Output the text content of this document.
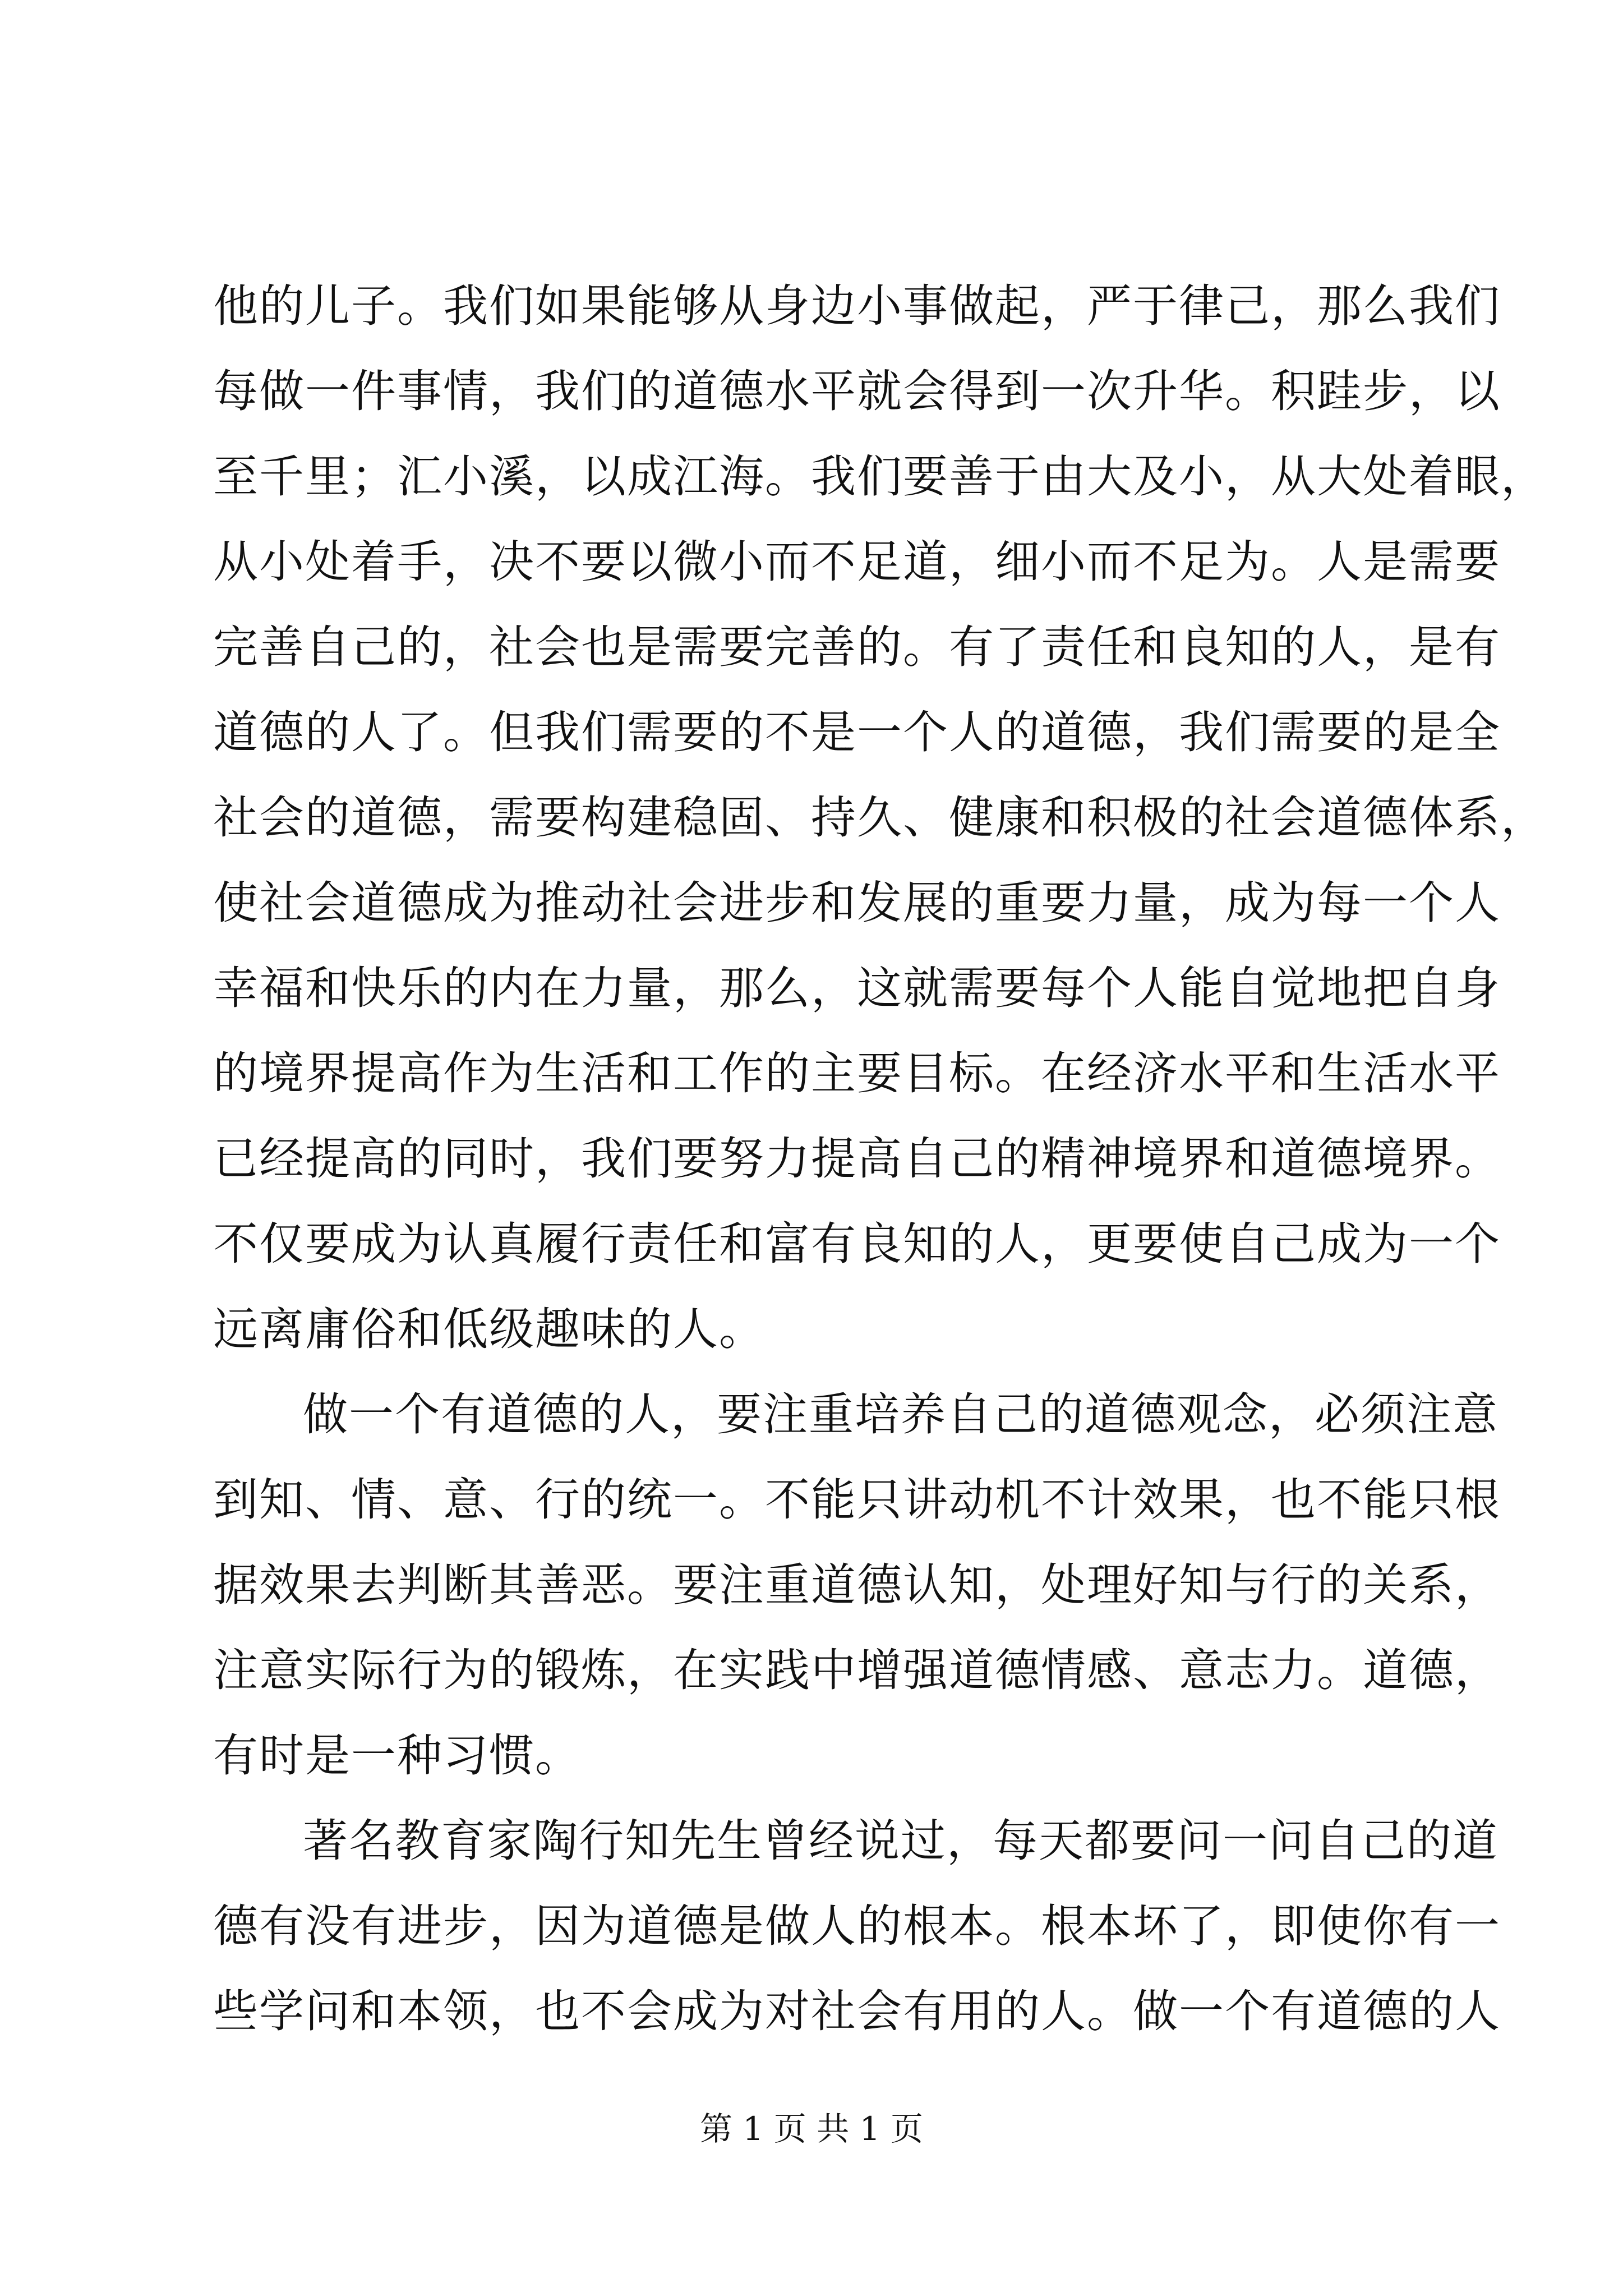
他的儿子。我们如果能够从身边小事做起，严于律己，那么我们
每做一件事情，我们的道德水平就会得到一次升华。积跬步，以
至千里；汇小溪，以成江海。我们要善于由大及小，从大处着眼，
从小处着手，决不要以微小而不足道，细小而不足为。人是需要
完善自己的，社会也是需要完善的。有了责任和良知的人，是有
道德的人了。但我们需要的不是一个人的道德，我们需要的是全
社会的道德，需要构建稳固、持久、健康和积极的社会道德体系，
使社会道德成为推动社会进步和发展的重要力量，成为每一个人
幸福和快乐的内在力量，那么，这就需要每个人能自觉地把自身
的境界提高作为生活和工作的主要目标。在经济水平和生活水平
已经提高的同时，我们要努力提高自己的精神境界和道德境界。
不仅要成为认真履行责任和富有良知的人，更要使自己成为一个
远离庸俗和低级趣味的人。
做一个有道德的人，要注重培养自己的道德观念，必须注意
到知、情、意、行的统一。不能只讲动机不计效果，也不能只根
据效果去判断其善恶。要注重道德认知，处理好知与行的关系，
注意实际行为的锻炼，在实践中增强道德情感、意志力。道德，
有时是一种习惯。
著名教育家陶行知先生曾经说过，每天都要问一问自己的道
德有没有进步，因为道德是做人的根本。根本坏了，即使你有一
些学问和本领，也不会成为对社会有用的人。做一个有道德的人
第 1 页 共 1 页
